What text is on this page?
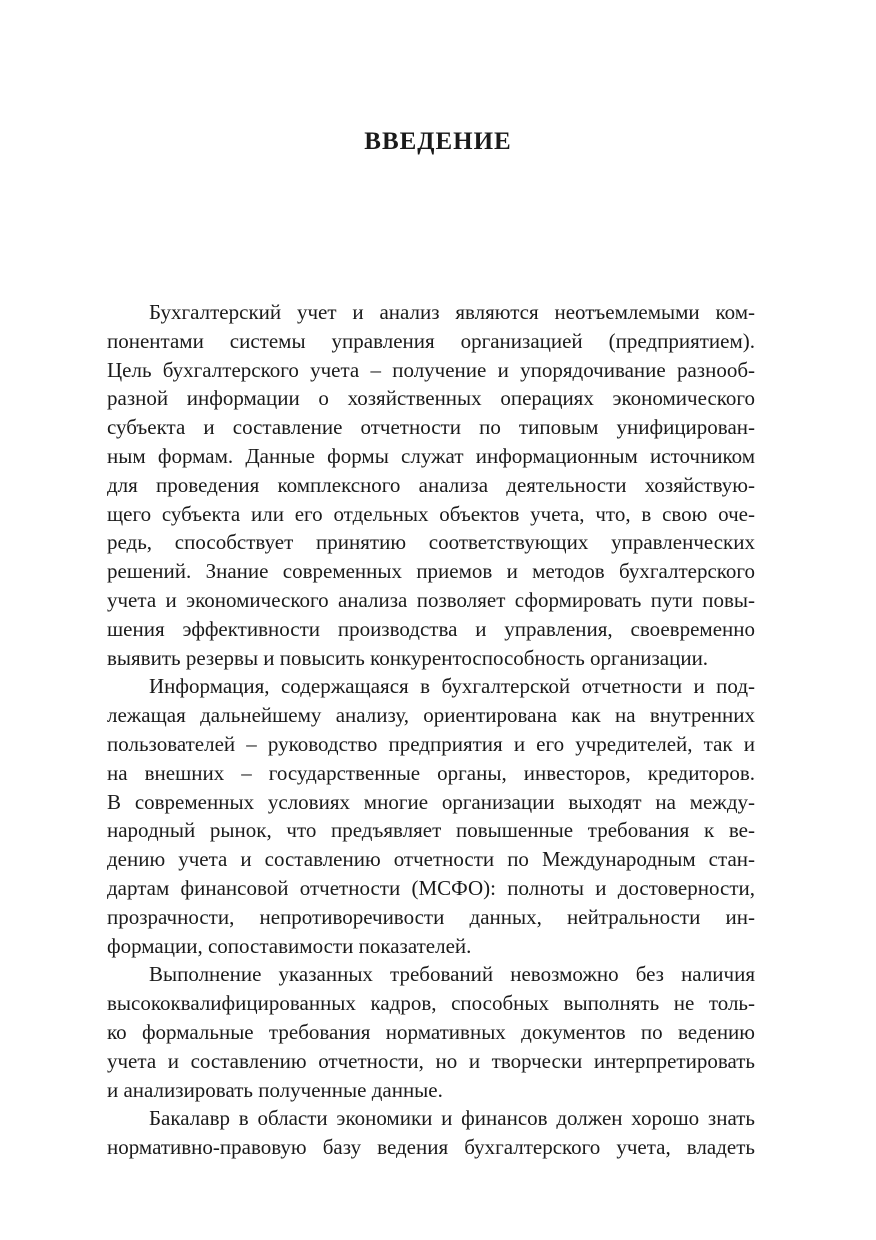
ВВЕДЕНИЕ
Бухгалтерский учет и анализ являются неотъемлемыми ком-
понентами системы управления организацией (предприятием).
Цель бухгалтерского учета – получение и упорядочивание разнооб-
разной информации о хозяйственных операциях экономического
субъекта и составление отчетности по типовым унифицирован-
ным формам. Данные формы служат информационным источником
для проведения комплексного анализа деятельности хозяйствую-
щего субъекта или его отдельных объектов учета, что, в свою оче-
редь, способствует принятию соответствующих управленческих
решений. Знание современных приемов и методов бухгалтерского
учета и экономического анализа позволяет сформировать пути повы-
шения эффективности производства и управления, своевременно
выявить резервы и повысить конкурентоспособность организации.
Информация, содержащаяся в бухгалтерской отчетности и под-
лежащая дальнейшему анализу, ориентирована как на внутренних
пользователей – руководство предприятия и его учредителей, так и
на внешних – государственные органы, инвесторов, кредиторов.
В современных условиях многие организации выходят на между-
народный рынок, что предъявляет повышенные требования к ве-
дению учета и составлению отчетности по Международным стан-
дартам финансовой отчетности (МСФО): полноты и достоверности,
прозрачности, непротиворечивости данных, нейтральности ин-
формации, сопоставимости показателей.
Выполнение указанных требований невозможно без наличия
высококвалифицированных кадров, способных выполнять не толь-
ко формальные требования нормативных документов по ведению
учета и составлению отчетности, но и творчески интерпретировать
и анализировать полученные данные.
Бакалавр в области экономики и финансов должен хорошо знать
нормативно-правовую базу ведения бухгалтерского учета, владеть
